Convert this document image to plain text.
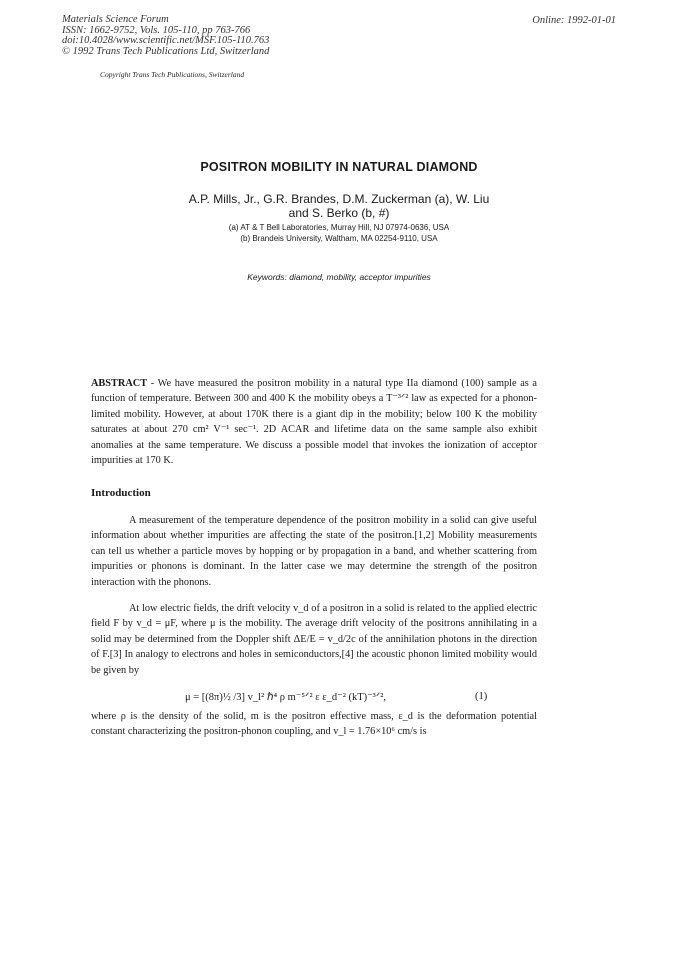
Materials Science Forum
ISSN: 1662-9752, Vols. 105-110, pp 763-766
doi:10.4028/www.scientific.net/MSF.105-110.763
© 1992 Trans Tech Publications Ltd, Switzerland
Online: 1992-01-01
Copyright Trans Tech Publications, Switzerland
POSITRON MOBILITY IN NATURAL DIAMOND
A.P. Mills, Jr., G.R. Brandes, D.M. Zuckerman (a), W. Liu
and S. Berko (b, #)
(a) AT & T Bell Laboratories, Murray Hill, NJ 07974-0636, USA
(b) Brandeis University, Waltham, MA 02254-9110, USA
Keywords: diamond, mobility, acceptor impurities
ABSTRACT - We have measured the positron mobility in a natural type IIa diamond (100) sample as a function of temperature. Between 300 and 400 K the mobility obeys a T⁻³ᐟ² law as expected for a phonon-limited mobility. However, at about 170K there is a giant dip in the mobility; below 100 K the mobility saturates at about 270 cm² V⁻¹ sec⁻¹. 2D ACAR and lifetime data on the same sample also exhibit anomalies at the same temperature. We discuss a possible model that invokes the ionization of acceptor impurities at 170 K.
Introduction
A measurement of the temperature dependence of the positron mobility in a solid can give useful information about whether impurities are affecting the state of the positron.[1,2] Mobility measurements can tell us whether a particle moves by hopping or by propagation in a band, and whether scattering from impurities or phonons is dominant. In the latter case we may determine the strength of the positron interaction with the phonons.
At low electric fields, the drift velocity v_d of a positron in a solid is related to the applied electric field F by v_d = μF, where μ is the mobility. The average drift velocity of the positrons annihilating in a solid may be determined from the Doppler shift ΔE/E = v_d/2c of the annihilation photons in the direction of F.[3] In analogy to electrons and holes in semiconductors,[4] the acoustic phonon limited mobility would be given by
μ = [(8π)½ /3] v_l² ℏ⁴ ρ m⁻⁵ᐟ² ε ε_d⁻² (kT)⁻³ᐟ²,	(1)
where ρ is the density of the solid, m is the positron effective mass, ε_d is the deformation potential constant characterizing the positron-phonon coupling, and v_l = 1.76×10⁶ cm/s is
